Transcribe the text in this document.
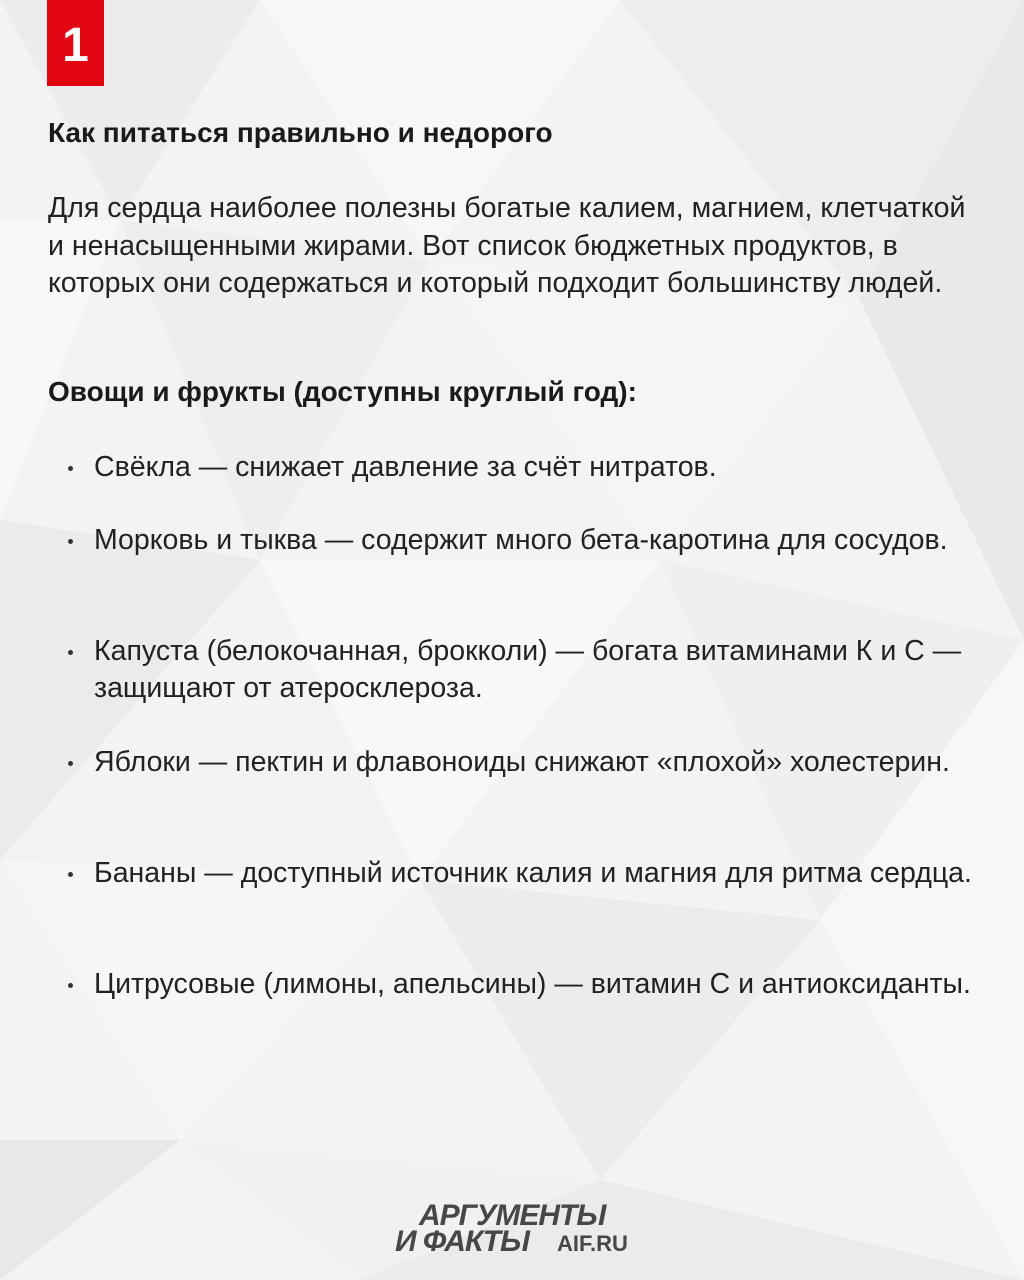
1
Как питаться правильно и недорого
Для сердца наиболее полезны богатые калием, магнием, клетчаткой и ненасыщенными жирами. Вот список бюджетных продуктов, в которых они содержаться и который подходит большинству людей.
Овощи и фрукты (доступны круглый год):
Свёкла — снижает давление за счёт нитратов.
Морковь и тыква — содержит много бета-каротина для сосудов.
Капуста (белокочанная, брокколи) — богата витаминами К и С — защищают от атеросклероза.
Яблоки — пектин и флавоноиды снижают «плохой» холестерин.
Бананы — доступный источник калия и магния для ритма сердца.
Цитрусовые (лимоны, апельсины) — витамин С и антиоксиданты.
АРГУМЕНТЫ
И ФАКТЫ AIF.RU
